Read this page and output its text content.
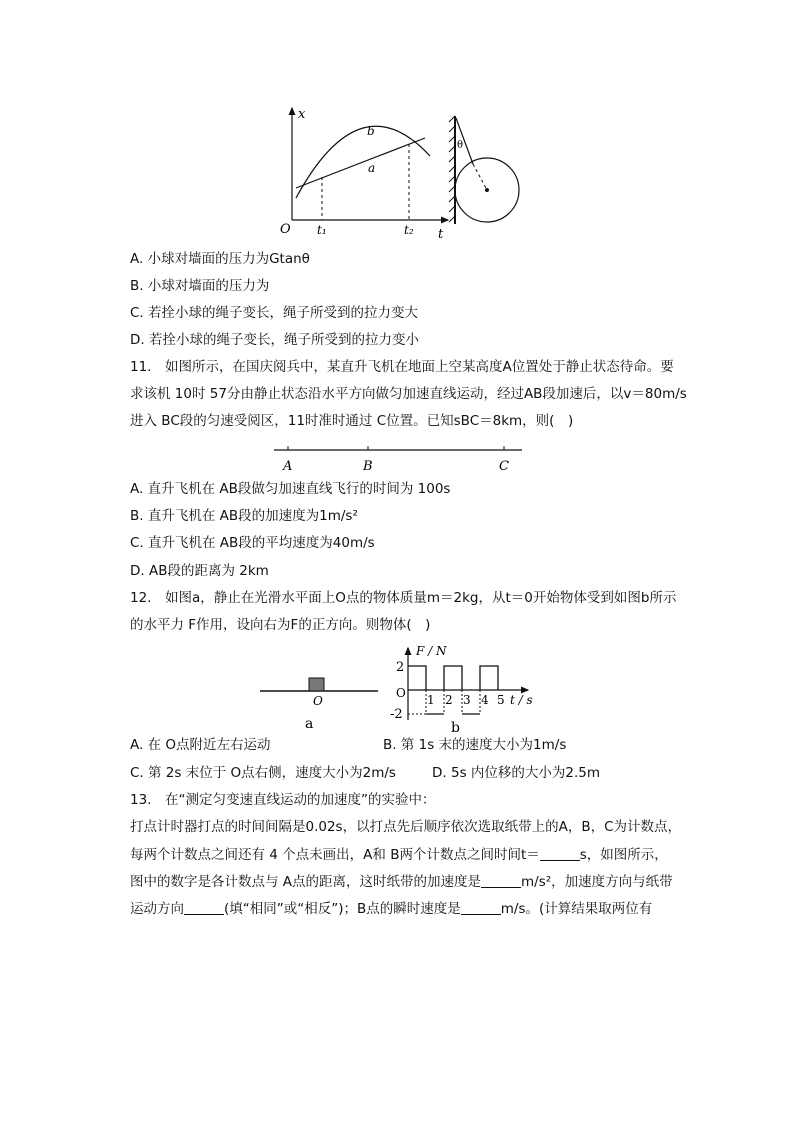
x
t
O t₁	t₂
b
a
θ
A. 小球对墙面的压力为Gtanθ
B. 小球对墙面的压力为
C. 若拴小球的绳子变长，绳子所受到的拉力变大
D. 若拴小球的绳子变长，绳子所受到的拉力变小
11.　如图所示，在国庆阅兵中，某直升飞机在地面上空某高度A位置处于静止状态待命。要
求该机 10时 57分由静止状态沿水平方向做匀加速直线运动，经过AB段加速后，以v＝80m/s
进入 BC段的匀速受阅区，11时准时通过 C位置。已知sBC＝8km，则(　)
A	B	C
A. 直升飞机在 AB段做匀加速直线飞行的时间为 100s
B. 直升飞机在 AB段的加速度为1m/s²
C. 直升飞机在 AB段的平均速度为40m/s
D. AB段的距离为 2km
12.　如图a，静止在光滑水平面上O点的物体质量m＝2kg，从t＝0开始物体受到如图b所示
的水平力 F作用，设向右为F的正方向。则物体(　)
O
a
F / N
t / s
O
2
-2
1 2 3 4 5
b
A. 在 O点附近左右运动	B. 第 1s 末的速度大小为1m/s
C. 第 2s 末位于 O点右侧，速度大小为2m/s	D. 5s 内位移的大小为2.5m
13.　在“测定匀变速直线运动的加速度”的实验中：
打点计时器打点的时间间隔是0.02s，以打点先后顺序依次选取纸带上的A，B，C为计数点，
每两个计数点之间还有 4 个点未画出，A和 B两个计数点之间时间t＝	s，如图所示，
图中的数字是各计数点与 A点的距离，这时纸带的加速度是	m/s²，加速度方向与纸带
运动方向	(填“相同”或“相反”)；B点的瞬时速度是	m/s。(计算结果取两位有
